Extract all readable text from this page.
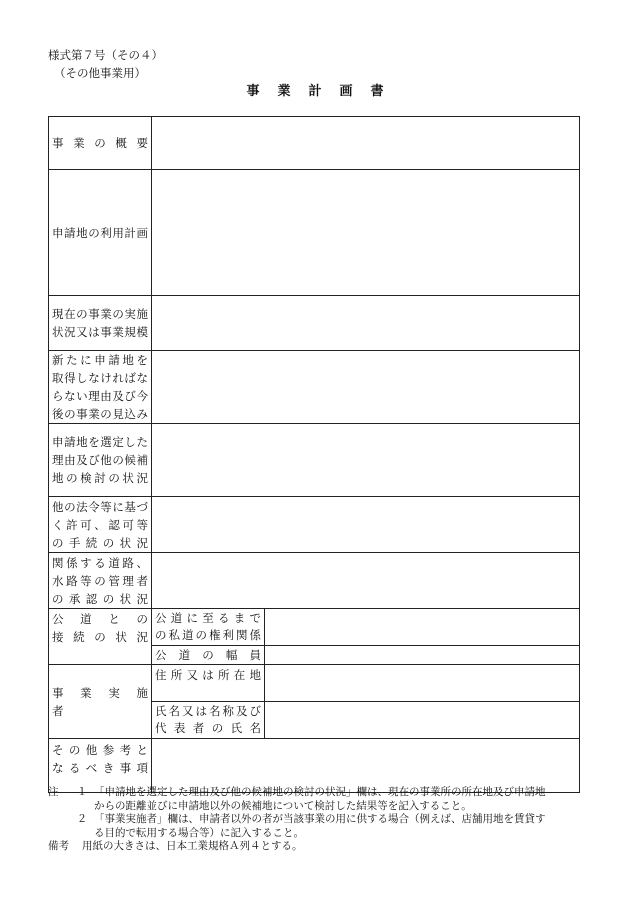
様式第７号（その４）
（その他事業用）
事業計画書
事 業 の 概 要		
申請地の利用計画		
現在の事業の実施
状況又は事業規模		
新たに申請地を
取得しなければな
らない理由及び今
後の事業の見込み		
申請地を選定した
理由及び他の候補
地の検討の状況		
他の法令等に基づ
く許可、認可等
の 手 続 の 状 況		
関係する道路、
水路等の管理者
の 承 認 の 状 況		
公　道　と　の
接 続 の 状 況	公道に至るまで
の私道の権利関係	
	公　道　の　幅　員	
事　業　実　施　者	住 所 又 は 所 在 地	
	氏名又は名称及び
代 表 者 の 氏 名	
そ の 他 参 考 と
な る べ き 事 項		
注	１ 「申請地を選定した理由及び他の候補地の検討の状況」欄は、現在の事業所の所在地及び申請地
からの距離並びに申請地以外の候補地について検討した結果等を記入すること。
２ 「事業実施者」欄は、申請者以外の者が当該事業の用に供する場合（例えば、店舗用地を賃貸す
る目的で転用する場合等）に記入すること。
備考	用紙の大きさは、日本工業規格Ａ列４とする。
